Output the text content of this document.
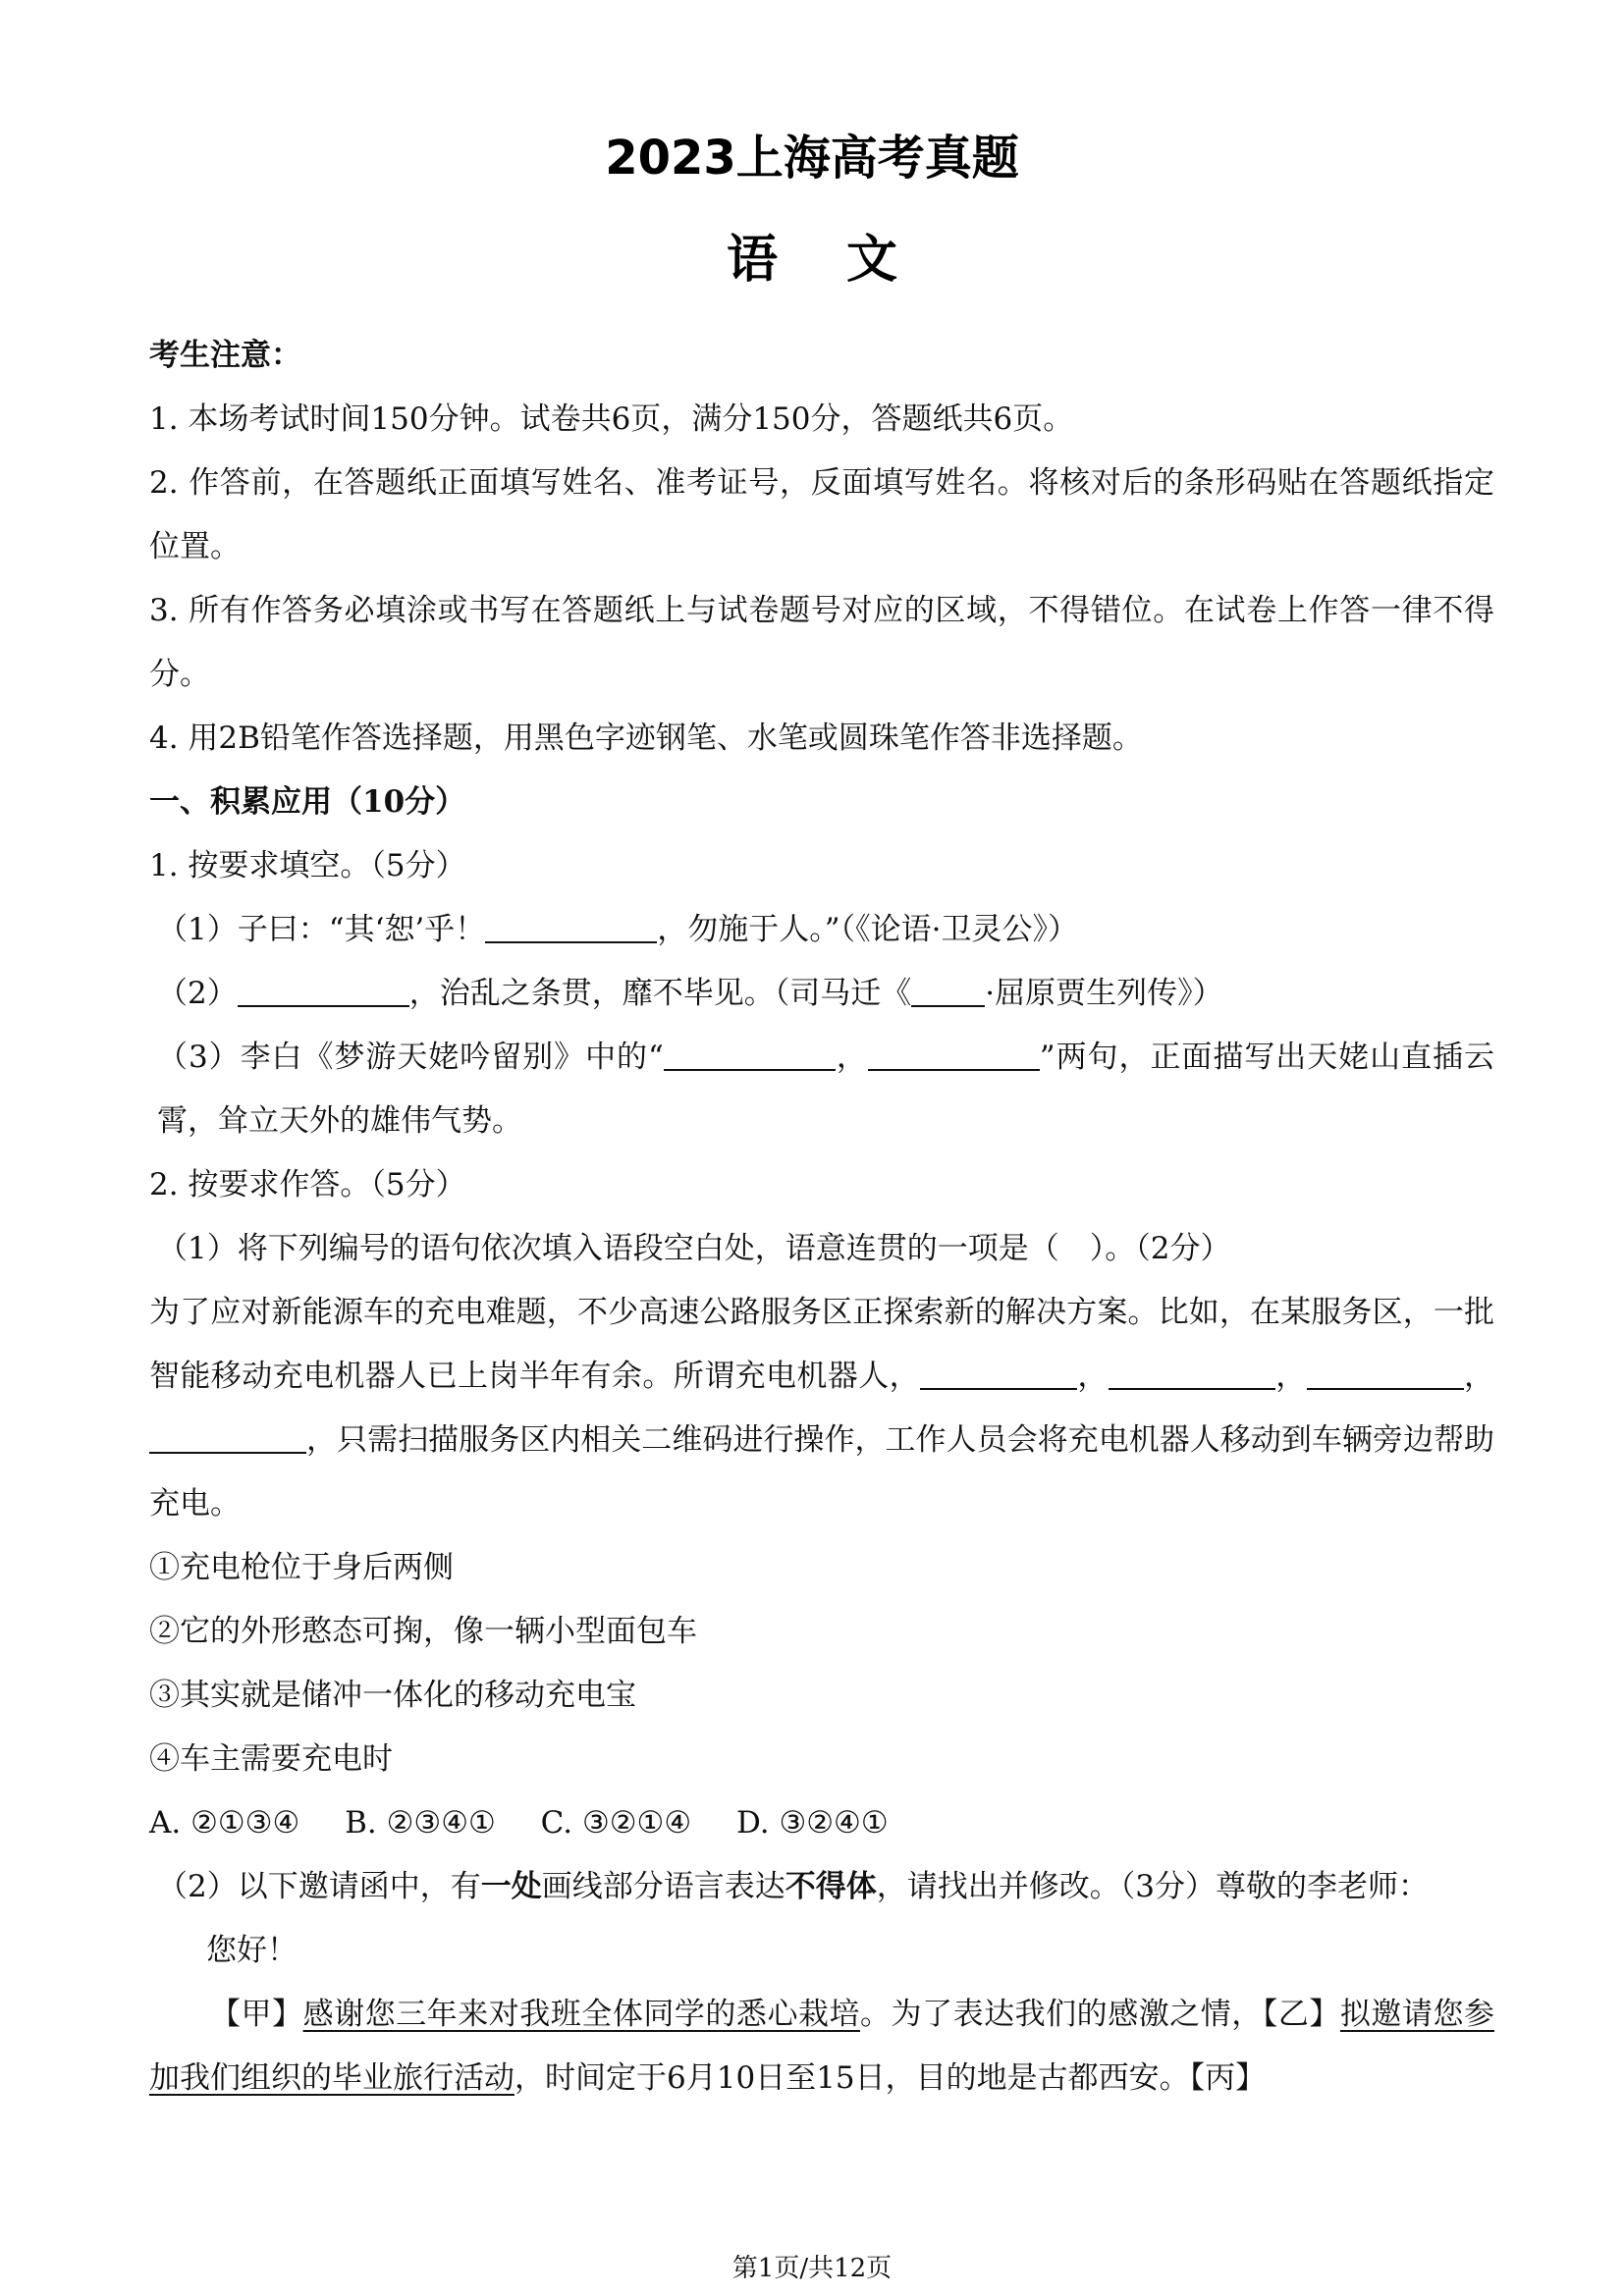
2023上海高考真题
语文
考生注意：
1. 本场考试时间150分钟。试卷共6页，满分150分，答题纸共6页。
2. 作答前，在答题纸正面填写姓名、准考证号，反面填写姓名。将核对后的条形码贴在答题纸指定位置。
3. 所有作答务必填涂或书写在答题纸上与试卷题号对应的区域，不得错位。在试卷上作答一律不得分。
4. 用2B铅笔作答选择题，用黑色字迹钢笔、水笔或圆珠笔作答非选择题。
一、积累应用（10分）
1. 按要求填空。（5分）
（1）子曰：“其‘恕’乎！	，勿施于人。”（《论语·卫灵公》）
（2）	，治乱之条贯，靡不毕见。（司马迁《 ·屈原贾生列传》）
（3）李白《梦游天姥吟留别》中的“	，	”两句，正面描写出天姥山直插云霄，耸立天外的雄伟气势。
2. 按要求作答。（5分）
（1）将下列编号的语句依次填入语段空白处，语意连贯的一项是（　）。（2分）
为了应对新能源车的充电难题，不少高速公路服务区正探索新的解决方案。比如，在某服务区，一批智能移动充电机器人已上岗半年有余。所谓充电机器人，	，	，	，，只需扫描服务区内相关二维码进行操作，工作人员会将充电机器人移动到车辆旁边帮助充电。
①充电枪位于身后两侧
②它的外形憨态可掬，像一辆小型面包车
③其实就是储冲一体化的移动充电宝
④车主需要充电时
A. ②①③④ B. ②③④① C. ③②①④ D. ③②④①
（2）以下邀请函中，有一处画线部分语言表达不得体，请找出并修改。（3分）尊敬的李老师：
您好！
【甲】感谢您三年来对我班全体同学的悉心栽培。为了表达我们的感激之情，【乙】拟邀请您参加我们组织的毕业旅行活动，时间定于6月10日至15日，目的地是古都西安。【丙】
第1页/共12页
